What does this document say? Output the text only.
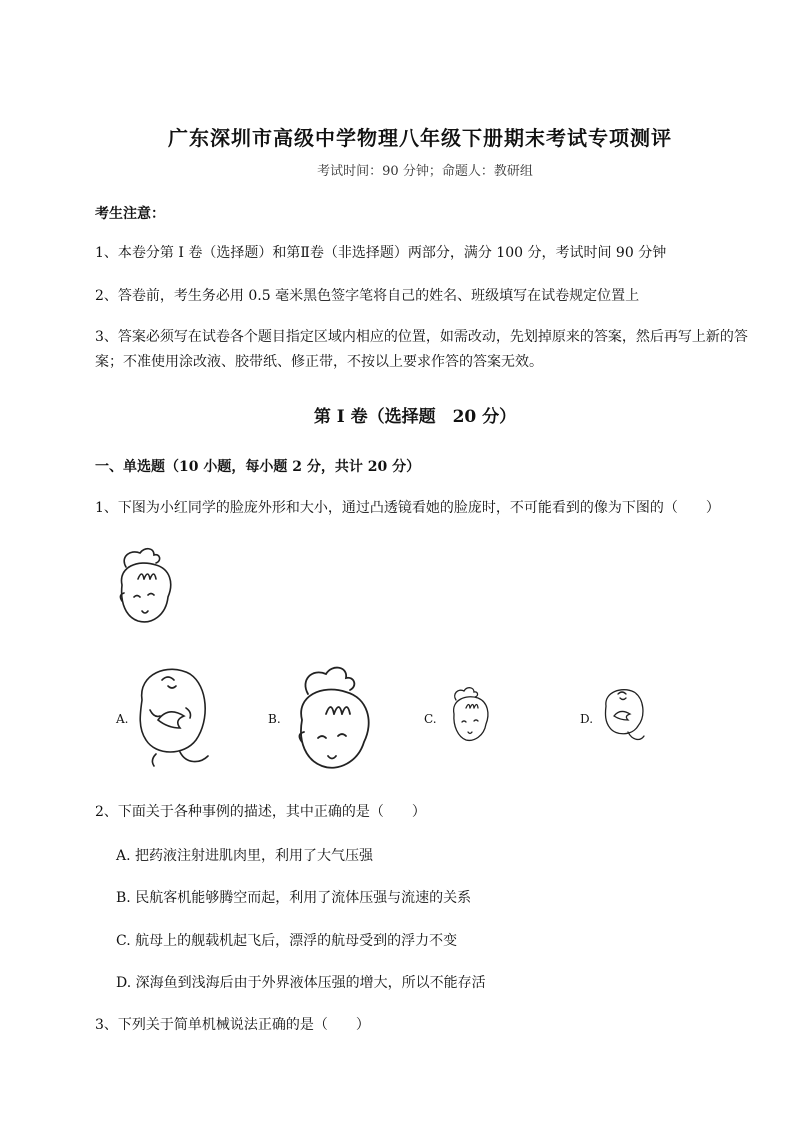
广东深圳市高级中学物理八年级下册期末考试专项测评
考试时间：90 分钟；命题人：教研组
考生注意：
1、本卷分第 I 卷（选择题）和第Ⅱ卷（非选择题）两部分，满分 100 分，考试时间 90 分钟
2、答卷前，考生务必用 0.5 毫米黑色签字笔将自己的姓名、班级填写在试卷规定位置上
3、答案必须写在试卷各个题目指定区域内相应的位置，如需改动，先划掉原来的答案，然后再写上新的答案；不准使用涂改液、胶带纸、修正带，不按以上要求作答的答案无效。
第 I 卷（选择题　20 分）
一、单选题（10 小题，每小题 2 分，共计 20 分）
1、下图为小红同学的脸庞外形和大小，通过凸透镜看她的脸庞时，不可能看到的像为下图的（　　）
A.	B.	C.	D.
2、下面关于各种事例的描述，其中正确的是（　　）
A. 把药液注射进肌肉里，利用了大气压强
B. 民航客机能够腾空而起，利用了流体压强与流速的关系
C. 航母上的舰载机起飞后，漂浮的航母受到的浮力不变
D. 深海鱼到浅海后由于外界液体压强的增大，所以不能存活
3、下列关于简单机械说法正确的是（　　）
